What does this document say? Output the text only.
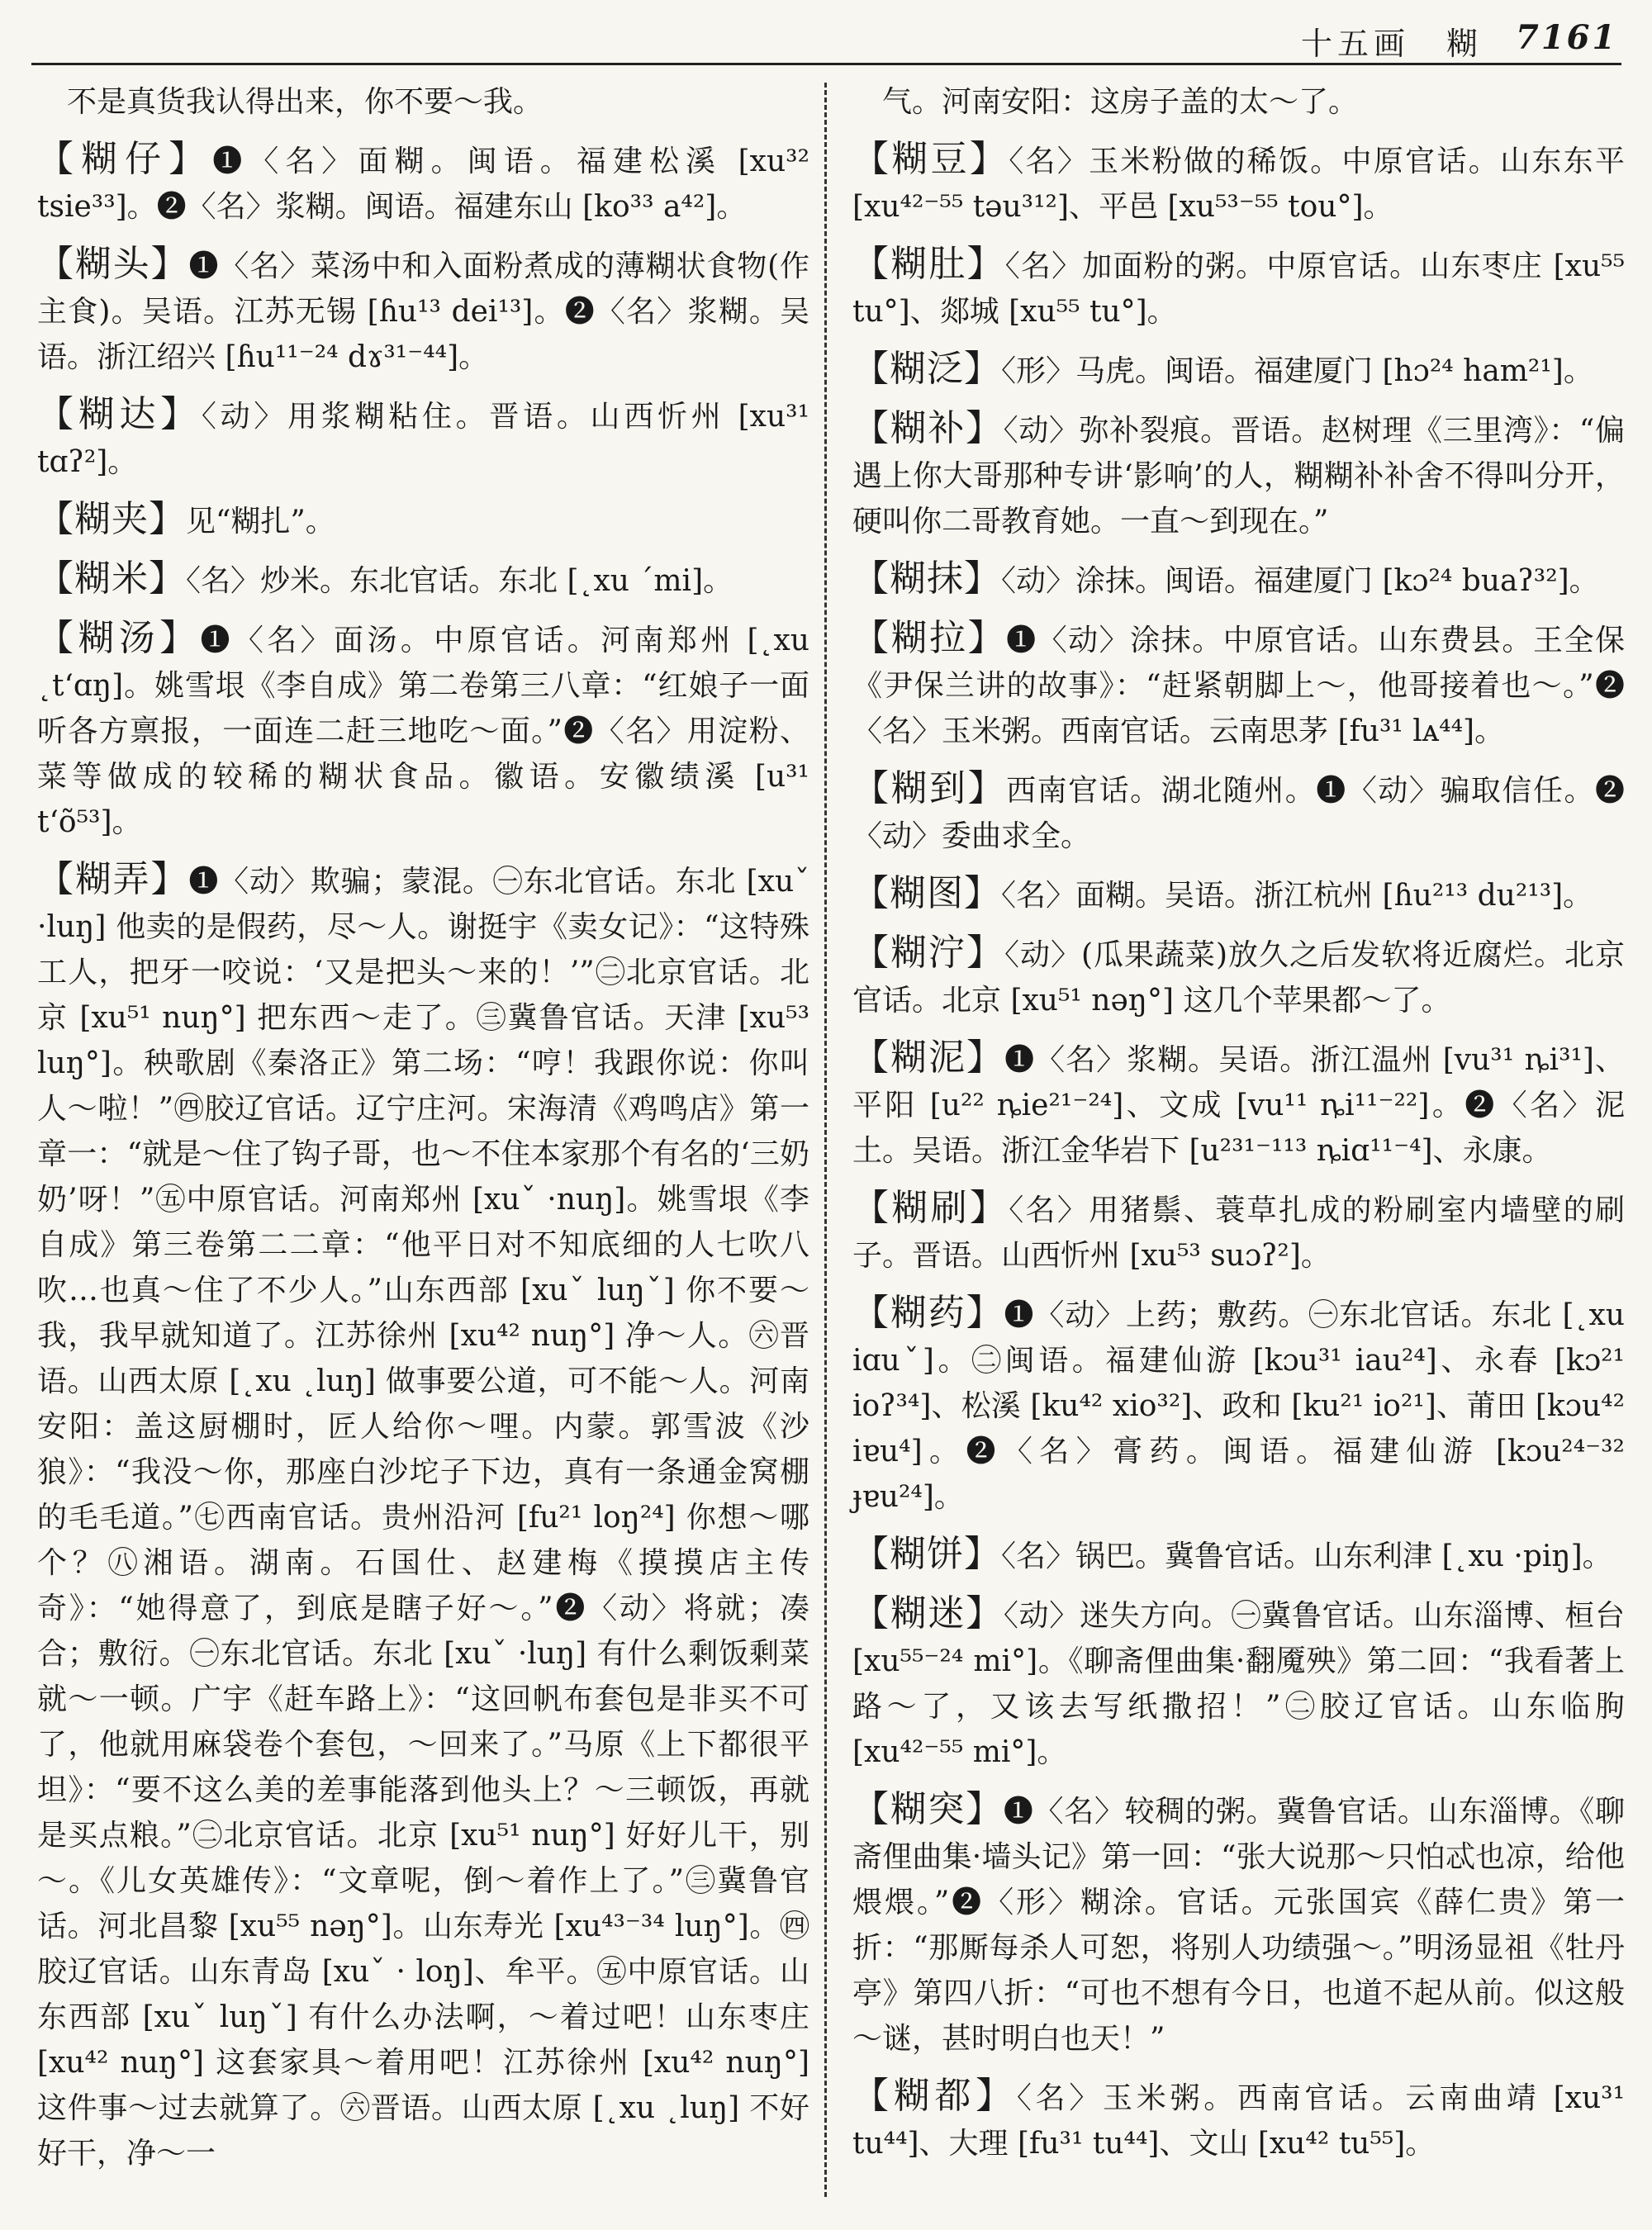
十五画　糊 7161
不是真货我认得出来，你不要～我。
【糊仔】❶〈名〉面糊。闽语。福建松溪 [xu³² tsie³³]。❷〈名〉浆糊。闽语。福建东山 [ko³³ a⁴²]。
【糊头】❶〈名〉菜汤中和入面粉煮成的薄糊状食物(作主食)。吴语。江苏无锡 [ɦu¹³ dei¹³]。❷〈名〉浆糊。吴语。浙江绍兴 [ɦu¹¹⁻²⁴ dɤ³¹⁻⁴⁴]。
【糊达】〈动〉用浆糊粘住。晋语。山西忻州 [xu³¹ tɑʔ²]。
【糊夹】见“糊扎”。
【糊米】〈名〉炒米。东北官话。东北 [˛xu ˊmi]。
【糊汤】❶〈名〉面汤。中原官话。河南郑州 [˛xu ˛tʻɑŋ]。姚雪垠《李自成》第二卷第三八章：“红娘子一面听各方禀报，一面连二赶三地吃～面。”❷〈名〉用淀粉、菜等做成的较稀的糊状食品。徽语。安徽绩溪 [u³¹ tʻõ⁵³]。
【糊弄】❶〈动〉欺骗；蒙混。㊀东北官话。东北 [xuˇ ·luŋ] 他卖的是假药，尽～人。谢挺宇《卖女记》：“这特殊工人，把牙一咬说：‘又是把头～来的！’”㊁北京官话。北京 [xu⁵¹ nuŋ°] 把东西～走了。㊂冀鲁官话。天津 [xu⁵³ luŋ°]。秧歌剧《秦洛正》第二场：“哼！我跟你说：你叫人～啦！”㊃胶辽官话。辽宁庄河。宋海清《鸡鸣店》第一章一：“就是～住了钩子哥，也～不住本家那个有名的‘三奶奶’呀！”㊄中原官话。河南郑州 [xuˇ ·nuŋ]。姚雪垠《李自成》第三卷第二二章：“他平日对不知底细的人七吹八吹…也真～住了不少人。”山东西部 [xuˇ luŋˇ] 你不要～我，我早就知道了。江苏徐州 [xu⁴² nuŋ°] 净～人。㊅晋语。山西太原 [˛xu ˛luŋ] 做事要公道，可不能～人。河南安阳：盖这厨棚时，匠人给你～哩。内蒙。郭雪波《沙狼》：“我没～你，那座白沙坨子下边，真有一条通金窝棚的毛毛道。”㊆西南官话。贵州沿河 [fu²¹ loŋ²⁴] 你想～哪个？㊇湘语。湖南。石国仕、赵建梅《摸摸店主传奇》：“她得意了，到底是瞎子好～。”❷〈动〉将就；凑合；敷衍。㊀东北官话。东北 [xuˇ ·luŋ] 有什么剩饭剩菜就～一顿。广宇《赶车路上》：“这回帆布套包是非买不可了，他就用麻袋卷个套包，～回来了。”马原《上下都很平坦》：“要不这么美的差事能落到他头上？～三顿饭，再就是买点粮。”㊁北京官话。北京 [xu⁵¹ nuŋ°] 好好儿干，别～。《儿女英雄传》：“文章呢，倒～着作上了。”㊂冀鲁官话。河北昌黎 [xu⁵⁵ nəŋ°]。山东寿光 [xu⁴³⁻³⁴ luŋ°]。㊃胶辽官话。山东青岛 [xuˇ · loŋ]、牟平。㊄中原官话。山东西部 [xuˇ luŋˇ] 有什么办法啊，～着过吧！山东枣庄 [xu⁴² nuŋ°] 这套家具～着用吧！江苏徐州 [xu⁴² nuŋ°] 这件事～过去就算了。㊅晋语。山西太原 [˛xu ˛luŋ] 不好好干，净～一
气。河南安阳：这房子盖的太～了。
【糊豆】〈名〉玉米粉做的稀饭。中原官话。山东东平 [xu⁴²⁻⁵⁵ təu³¹²]、平邑 [xu⁵³⁻⁵⁵ tou°]。
【糊肚】〈名〉加面粉的粥。中原官话。山东枣庄 [xu⁵⁵ tu°]、郯城 [xu⁵⁵ tu°]。
【糊泛】〈形〉马虎。闽语。福建厦门 [hɔ²⁴ ham²¹]。
【糊补】〈动〉弥补裂痕。晋语。赵树理《三里湾》：“偏遇上你大哥那种专讲‘影响’的人，糊糊补补舍不得叫分开，硬叫你二哥教育她。一直～到现在。”
【糊抹】〈动〉涂抹。闽语。福建厦门 [kɔ²⁴ buaʔ³²]。
【糊拉】❶〈动〉涂抹。中原官话。山东费县。王全保《尹保兰讲的故事》：“赶紧朝脚上～，他哥接着也～。”❷〈名〉玉米粥。西南官话。云南思茅 [fu³¹ lᴀ⁴⁴]。
【糊到】西南官话。湖北随州。❶〈动〉骗取信任。❷〈动〉委曲求全。
【糊图】〈名〉面糊。吴语。浙江杭州 [ɦu²¹³ du²¹³]。
【糊泞】〈动〉(瓜果蔬菜)放久之后发软将近腐烂。北京官话。北京 [xu⁵¹ nəŋ°] 这几个苹果都～了。
【糊泥】❶〈名〉浆糊。吴语。浙江温州 [vu³¹ ȵi³¹]、平阳 [u²² ȵie²¹⁻²⁴]、文成 [vu¹¹ ȵi¹¹⁻²²]。❷〈名〉泥土。吴语。浙江金华岩下 [u²³¹⁻¹¹³ ȵiɑ¹¹⁻⁴]、永康。
【糊刷】〈名〉用猪鬃、蓑草扎成的粉刷室内墙壁的刷子。晋语。山西忻州 [xu⁵³ suɔʔ²]。
【糊药】❶〈动〉上药；敷药。㊀东北官话。东北 [˛xu iɑuˇ]。㊁闽语。福建仙游 [kɔu³¹ iau²⁴]、永春 [kɔ²¹ ioʔ³⁴]、松溪 [ku⁴² xio³²]、政和 [ku²¹ io²¹]、莆田 [kɔu⁴² iɐu⁴]。❷〈名〉膏药。闽语。福建仙游 [kɔu²⁴⁻³² ɟɐu²⁴]。
【糊饼】〈名〉锅巴。冀鲁官话。山东利津 [˛xu ·piŋ]。
【糊迷】〈动〉迷失方向。㊀冀鲁官话。山东淄博、桓台 [xu⁵⁵⁻²⁴ mi°]。《聊斋俚曲集·翻魇殃》第二回：“我看著上路～了，又该去写纸撒招！”㊁胶辽官话。山东临朐 [xu⁴²⁻⁵⁵ mi°]。
【糊突】❶〈名〉较稠的粥。冀鲁官话。山东淄博。《聊斋俚曲集·墙头记》第一回：“张大说那～只怕忒也凉，给他煨煨。”❷〈形〉糊涂。官话。元张国宾《薛仁贵》第一折：“那厮每杀人可恕，将别人功绩强～。”明汤显祖《牡丹亭》第四八折：“可也不想有今日，也道不起从前。似这般～谜，甚时明白也天！”
【糊都】〈名〉玉米粥。西南官话。云南曲靖 [xu³¹ tu⁴⁴]、大理 [fu³¹ tu⁴⁴]、文山 [xu⁴² tu⁵⁵]。
